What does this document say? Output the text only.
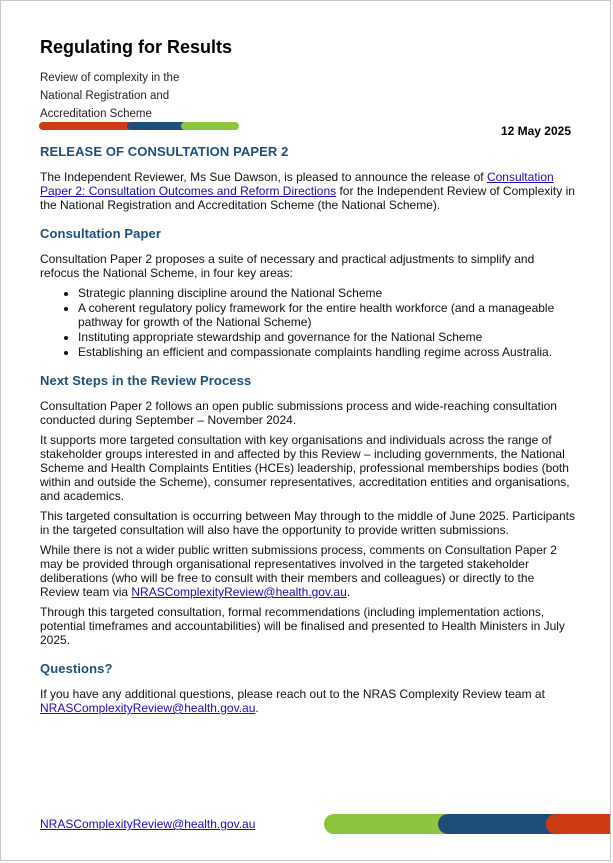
Regulating for Results
Review of complexity in the
National Registration and
Accreditation Scheme
12 May 2025
RELEASE OF CONSULTATION PAPER 2

The Independent Reviewer, Ms Sue Dawson, is pleased to announce the release of Consultation Paper 2: Consultation Outcomes and Reform Directions for the Independent Review of Complexity in the National Registration and Accreditation Scheme (the National Scheme).

Consultation Paper

Consultation Paper 2 proposes a suite of necessary and practical adjustments to simplify and refocus the National Scheme, in four key areas:

• Strategic planning discipline around the National Scheme
• A coherent regulatory policy framework for the entire health workforce (and a manageable pathway for growth of the National Scheme)
• Instituting appropriate stewardship and governance for the National Scheme
• Establishing an efficient and compassionate complaints handling regime across Australia.
Next Steps in the Review Process

Consultation Paper 2 follows an open public submissions process and wide-reaching consultation conducted during September – November 2024.

It supports more targeted consultation with key organisations and individuals across the range of stakeholder groups interested in and affected by this Review – including governments, the National Scheme and Health Complaints Entities (HCEs) leadership, professional memberships bodies (both within and outside the Scheme), consumer representatives, accreditation entities and organisations, and academics.

This targeted consultation is occurring between May through to the middle of June 2025. Participants in the targeted consultation will also have the opportunity to provide written submissions.

While there is not a wider public written submissions process, comments on Consultation Paper 2 may be provided through organisational representatives involved in the targeted stakeholder deliberations (who will be free to consult with their members and colleagues) or directly to the Review team via NRASComplexityReview@health.gov.au.

Through this targeted consultation, formal recommendations (including implementation actions, potential timeframes and accountabilities) will be finalised and presented to Health Ministers in July 2025.

Questions?

If you have any additional questions, please reach out to the NRAS Complexity Review team at NRASComplexityReview@health.gov.au.

NRASComplexityReview@health.gov.au
